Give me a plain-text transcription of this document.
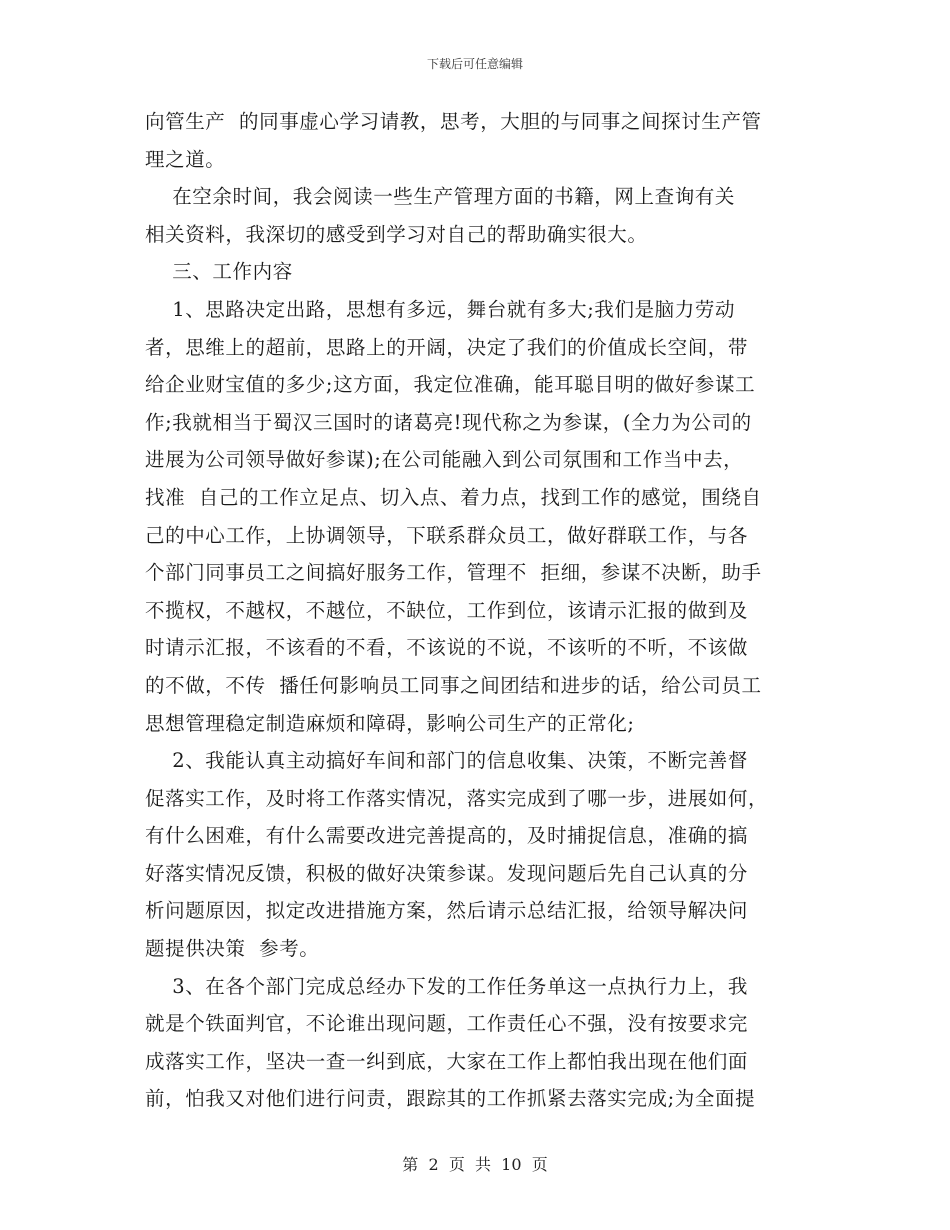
下载后可任意编辑
向管生产  的同事虚心学习请教，思考，大胆的与同事之间探讨生产管
理之道。
在空余时间，我会阅读一些生产管理方面的书籍，网上查询有关
相关资料，我深切的感受到学习对自己的帮助确实很大。
三、工作内容
1、思路决定出路，思想有多远，舞台就有多大;我们是脑力劳动
者，思维上的超前，思路上的开阔，决定了我们的价值成长空间，带
给企业财宝值的多少;这方面，我定位准确，能耳聪目明的做好参谋工
作;我就相当于蜀汉三国时的诸葛亮!现代称之为参谋，(全力为公司的
进展为公司领导做好参谋);在公司能融入到公司氛围和工作当中去，
找准  自己的工作立足点、切入点、着力点，找到工作的感觉，围绕自
己的中心工作，上协调领导，下联系群众员工，做好群联工作，与各
个部门同事员工之间搞好服务工作，管理不  拒细，参谋不决断，助手
不揽权，不越权，不越位，不缺位，工作到位，该请示汇报的做到及
时请示汇报，不该看的不看，不该说的不说，不该听的不听，不该做
的不做，不传  播任何影响员工同事之间团结和进步的话，给公司员工
思想管理稳定制造麻烦和障碍，影响公司生产的正常化;
2、我能认真主动搞好车间和部门的信息收集、决策，不断完善督
促落实工作，及时将工作落实情况，落实完成到了哪一步，进展如何，
有什么困难，有什么需要改进完善提高的，及时捕捉信息，准确的搞
好落实情况反馈，积极的做好决策参谋。发现问题后先自己认真的分
析问题原因，拟定改进措施方案，然后请示总结汇报，给领导解决问
题提供决策  参考。
3、在各个部门完成总经办下发的工作任务单这一点执行力上，我
就是个铁面判官，不论谁出现问题，工作责任心不强，没有按要求完
成落实工作，坚决一查一纠到底，大家在工作上都怕我出现在他们面
前，怕我又对他们进行问责，跟踪其的工作抓紧去落实完成;为全面提
第  2  页  共  10  页
